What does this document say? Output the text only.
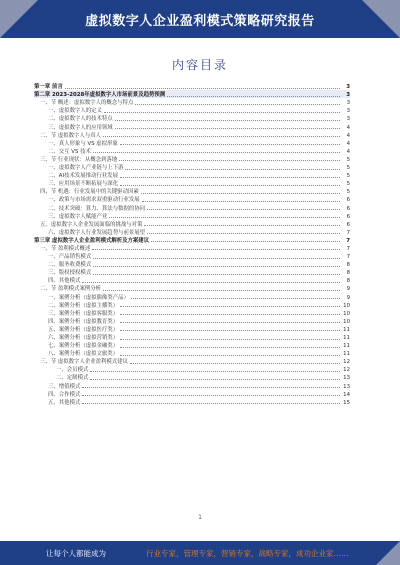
虚拟数字人企业盈利模式策略研究报告
内容目录
第一章 前言	3
第二章 2023-2028年虚拟数字人市场前景及趋势预测	3
一、节 概述：虚拟数字人的概念与特点	3
一、虚拟数字人的定义	3
二、虚拟数字人的技术特点	3
三、虚拟数字人的应用领域	4
二、节 虚拟数字人与真人	4
一、真人形象与 VS 虚拟形象	4
二、交互 VS 技术	4
三、节 行业现状：从概念到落地	5
一、虚拟数字人产业链与上下游	5
二、AI技术发展推动行业发展	5
三、应用场景不断拓展与深化	5
四、节 机遇：行业发展中的关键驱动因素	5
一、政策与市场需求双重驱动行业发展	6
二、技术突破：算力、算法与数据的协同	6
三、虚拟数字人赋能产业	6
五、虚拟数字人企业发展面临的挑战与对策	6
六、虚拟数字人行业发展趋势与前景展望	7
第三章 虚拟数字人企业盈利模式解析及方案建议	7
一、节 盈利模式概述	7
一、产品销售模式	7
二、服务收费模式	8
三、版权授权模式	8
四、其他模式	8
二、节 盈利模式案例分析	9
一、案例分析（虚拟偶像类产品）	9
二、案例分析（虚拟主播类）	10
三、案例分析（虚拟客服类）	10
四、案例分析（虚拟教育类）	10
五、案例分析（虚拟医疗类）	11
六、案例分析（虚拟营销类）	11
七、案例分析（虚拟金融类）	11
八、案例分析（虚拟文旅类）	11
三、节 虚拟数字人企业盈利模式建议	12
一、会员模式	12
二、定制模式	13
三、增值模式	13
四、合作模式	14
五、其他模式	15
1
让每个人都能成为	行业专家，管理专家，营销专家，战略专家，成功企业家……
